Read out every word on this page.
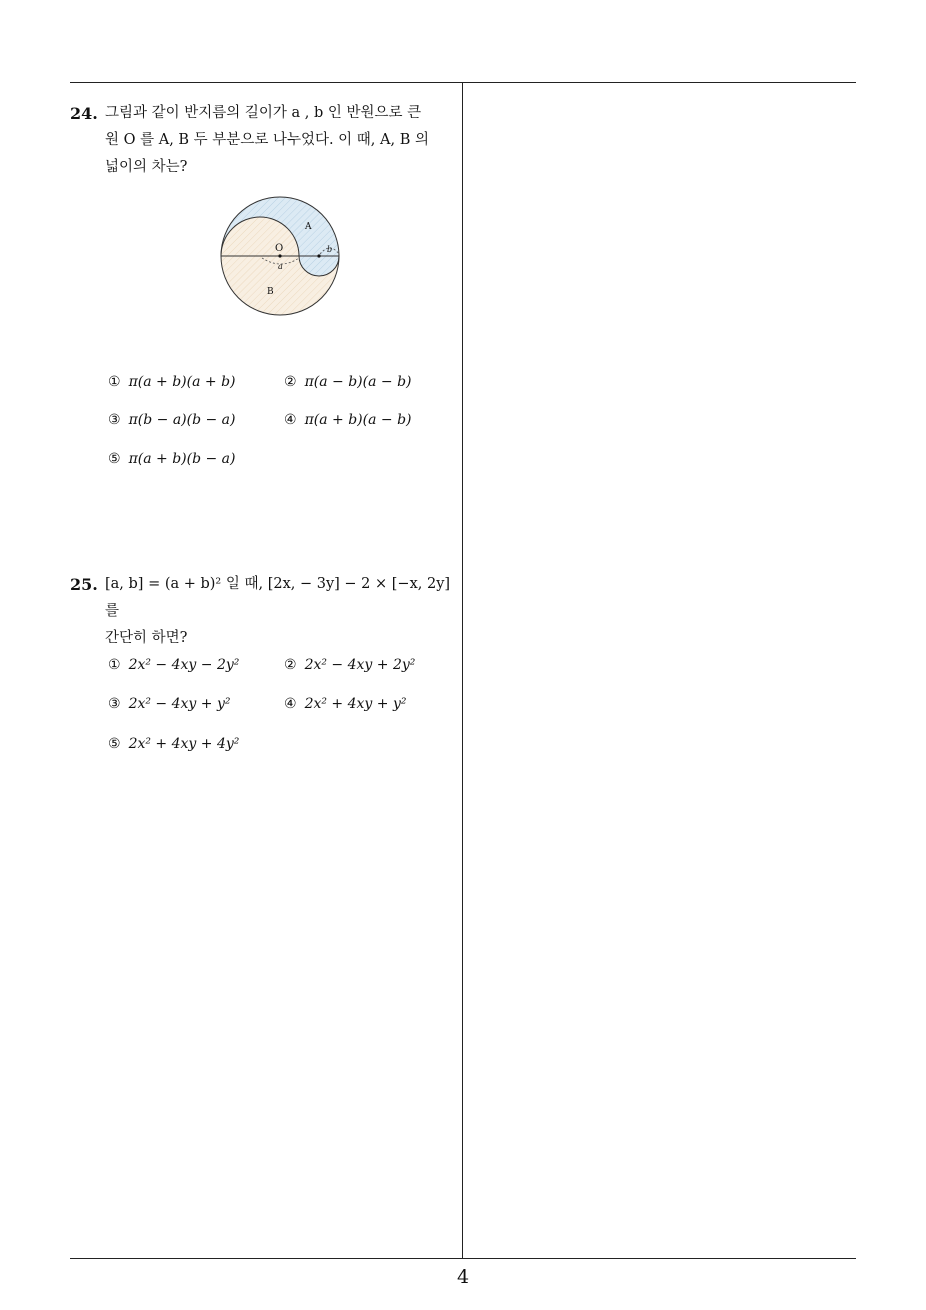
24. 그림과 같이 반지름의 길이가 a , b 인 반원으로 큰
원 O 를 A, B 두 부분으로 나누었다. 이 때, A, B 의
넓이의 차는?
O
A
B
a
b
① π(a + b)(a + b)	② π(a − b)(a − b)
③ π(b − a)(b − a)	④ π(a + b)(a − b)
⑤ π(a + b)(b − a)
25. [a, b] = (a + b)² 일 때, [2x, − 3y] − 2 × [−x, 2y] 를
간단히 하면?
① 2x² − 4xy − 2y²	② 2x² − 4xy + 2y²
③ 2x² − 4xy + y²	④ 2x² + 4xy + y²
⑤ 2x² + 4xy + 4y²
4
